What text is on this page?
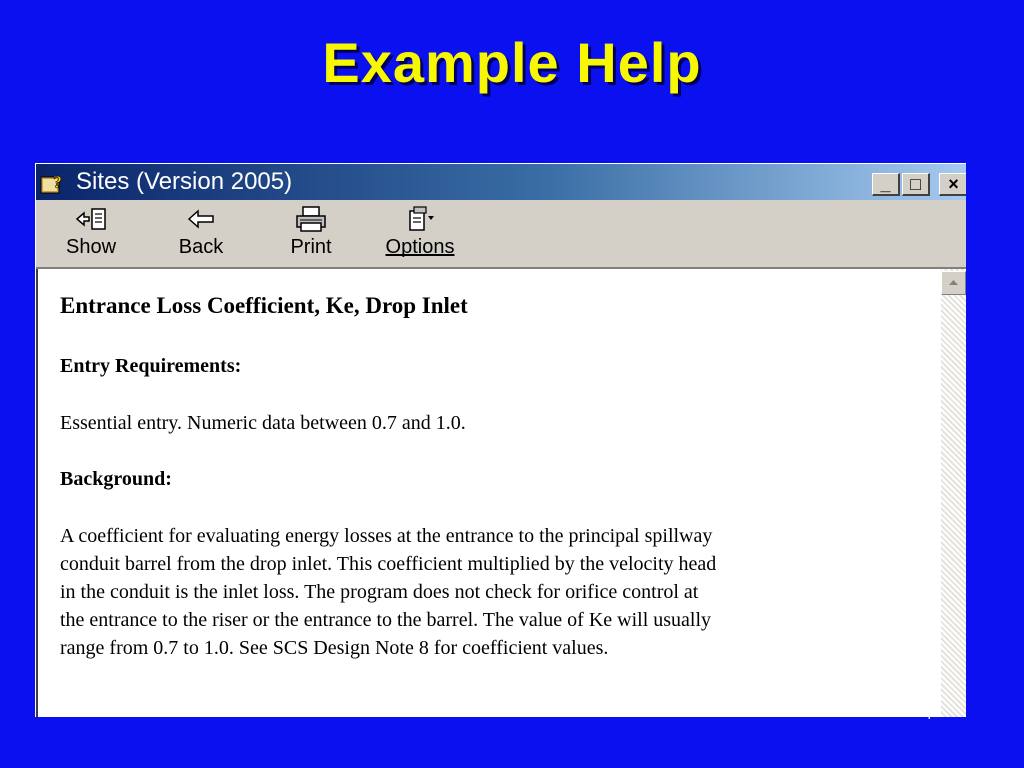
Example Help
? Sites (Version 2005)	_	□	×
Show	Back	Print	Options
Entrance Loss Coefficient, Ke, Drop Inlet
Entry Requirements:
Essential entry. Numeric data between 0.7 and 1.0.
Background:
A coefficient for evaluating energy losses at the entrance to the principal spillway
conduit barrel from the drop inlet. This coefficient multiplied by the velocity head
in the conduit is the inlet loss. The program does not check for orifice control at
the entrance to the riser or the entrance to the barrel. The value of Ke will usually
range from 0.7 to 1.0. See SCS Design Note 8 for coefficient values.
7
